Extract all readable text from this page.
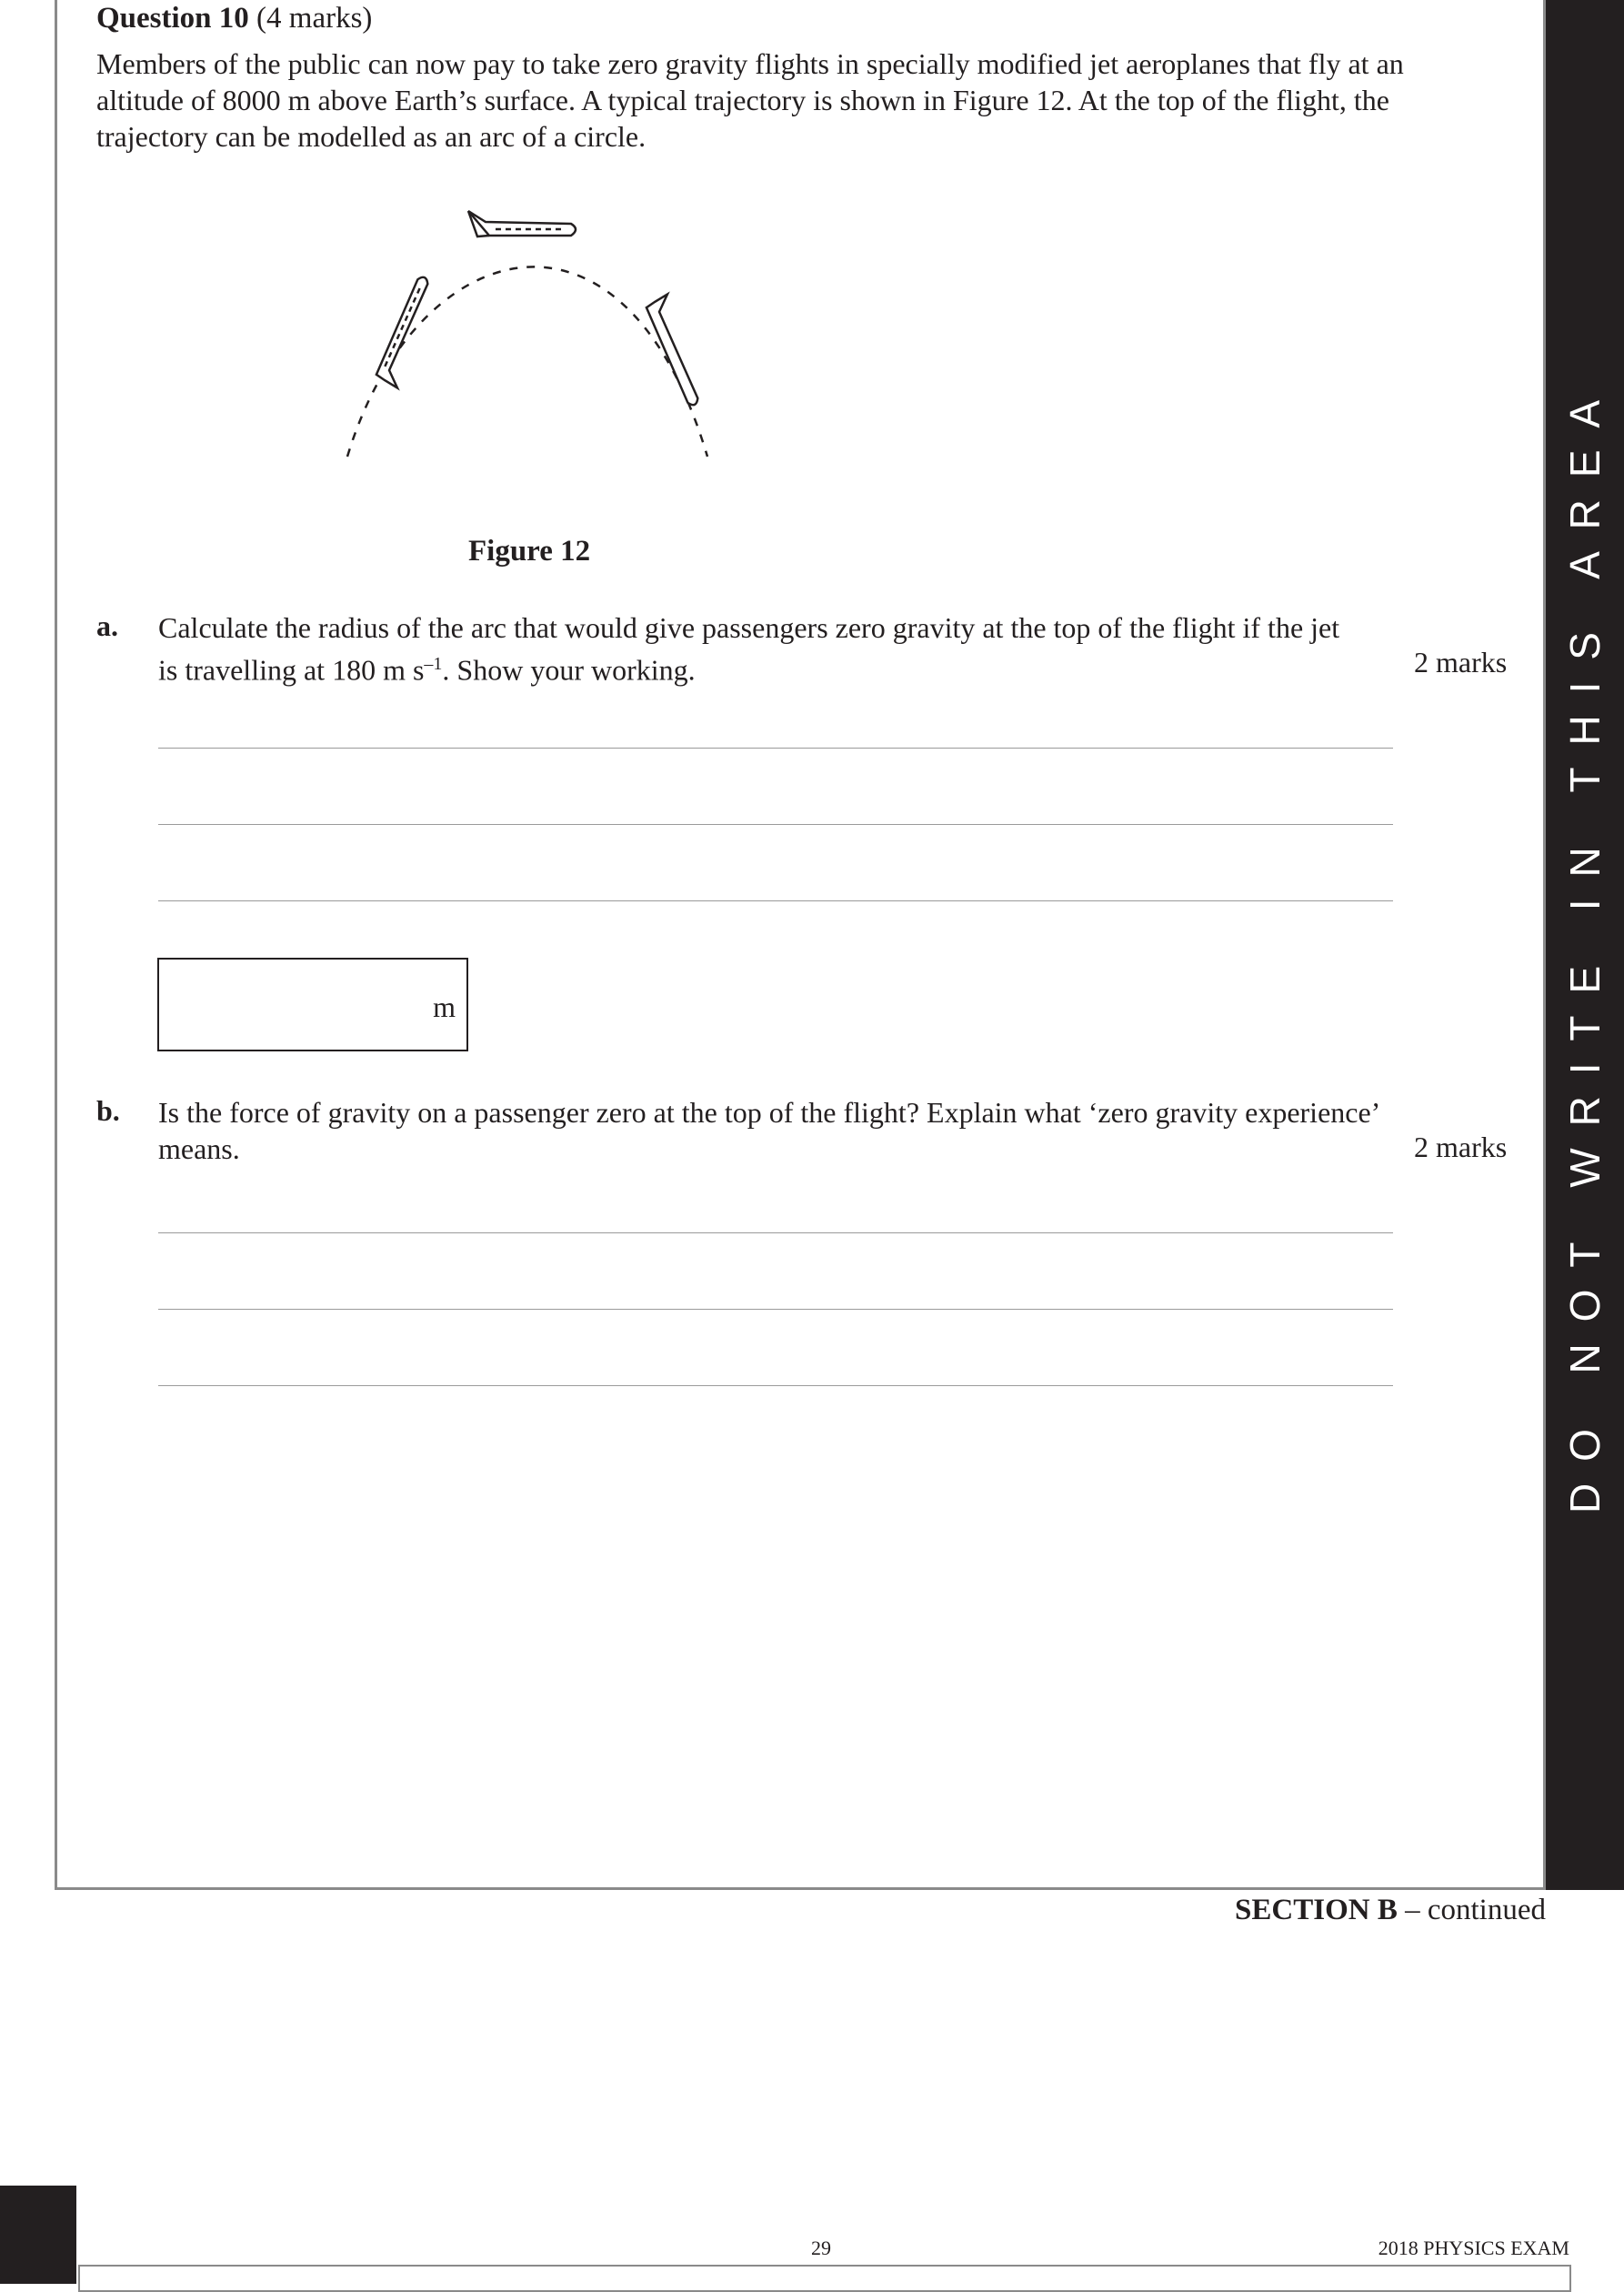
DO NOT WRITE IN THIS AREA
Question 10 (4 marks)
Members of the public can now pay to take zero gravity flights in specially modified jet aeroplanes that fly at an altitude of 8000 m above Earth’s surface. A typical trajectory is shown in Figure 12. At the top of the flight, the trajectory can be modelled as an arc of a circle.
Figure 12
a. Calculate the radius of the arc that would give passengers zero gravity at the top of the flight if the jet
is travelling at 180 m $s^{-1}$. Show your working.	2 marks
m
b. Is the force of gravity on a passenger zero at the top of the flight? Explain what ‘zero gravity experience’
means.	2 marks
SECTION B – continued
29	2018 PHYSICS EXAM
